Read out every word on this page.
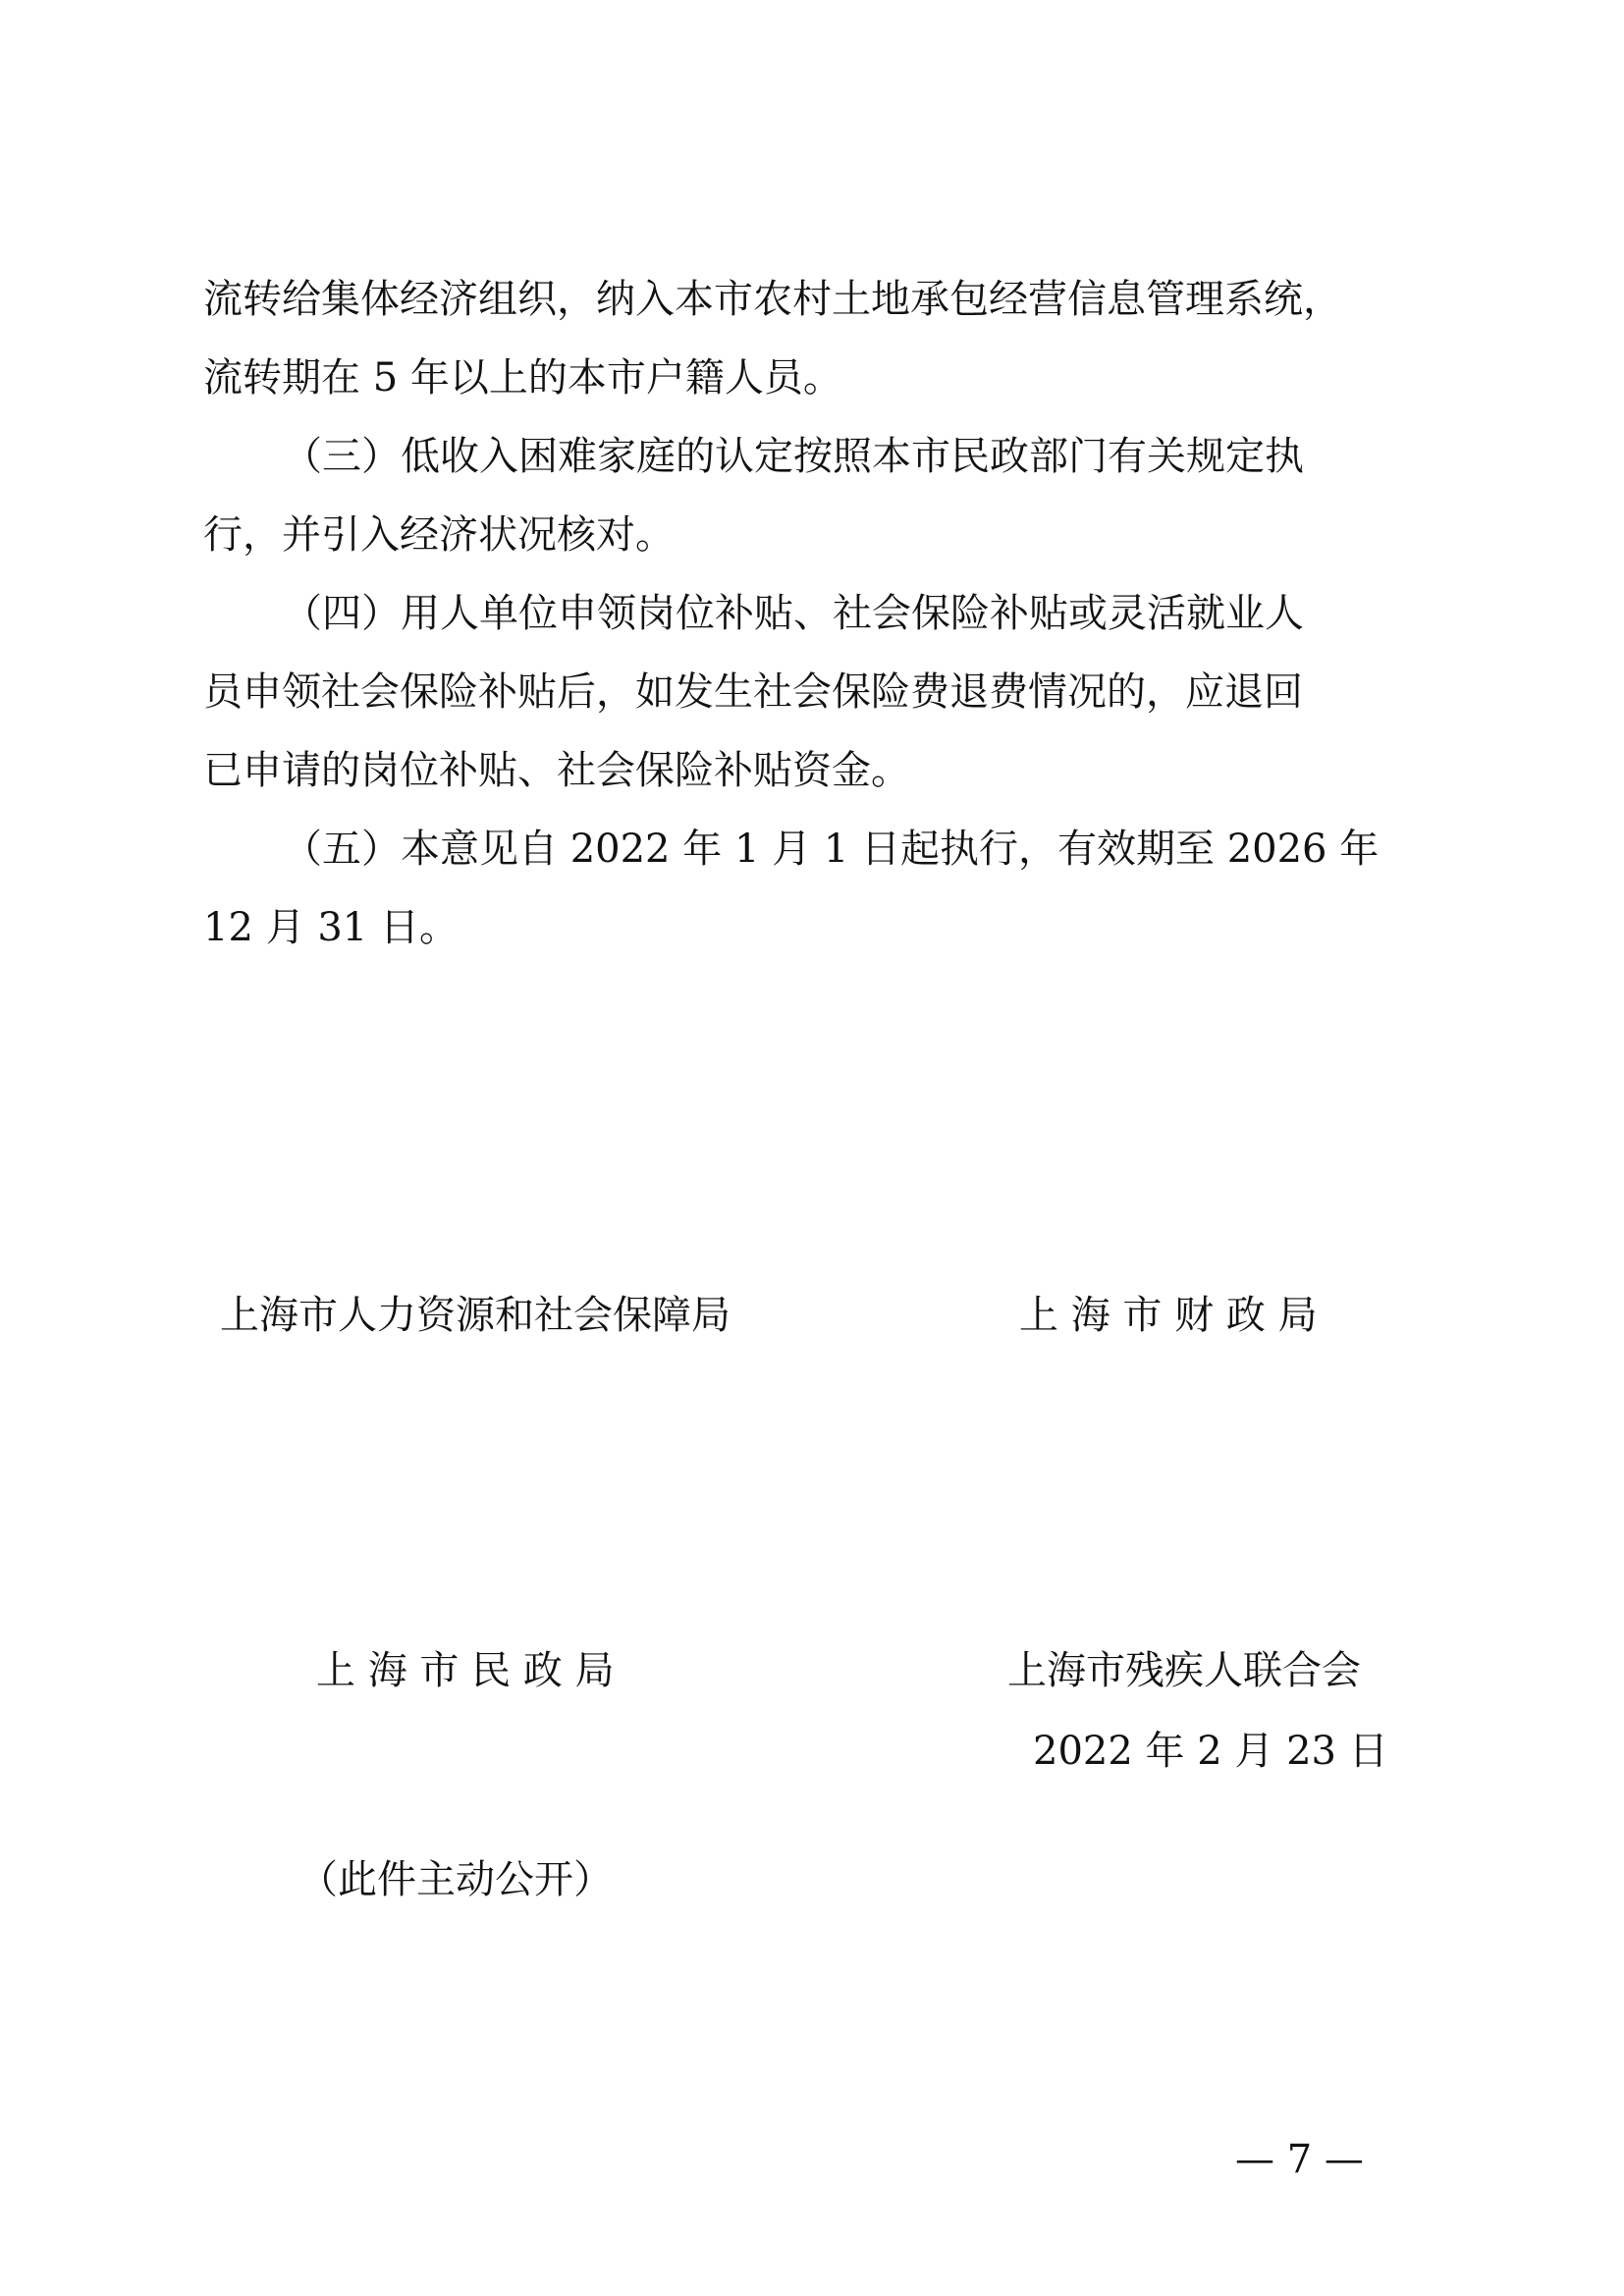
流转给集体经济组织，纳入本市农村土地承包经营信息管理系统，

流转期在 5 年以上的本市户籍人员。

（三）低收入困难家庭的认定按照本市民政部门有关规定执

行，并引入经济状况核对。

（四）用人单位申领岗位补贴、社会保险补贴或灵活就业人

员申领社会保险补贴后，如发生社会保险费退费情况的，应退回

已申请的岗位补贴、社会保险补贴资金。

（五）本意见自 2022 年 1 月 1 日起执行，有效期至 2026 年

12 月 31 日。

上海市人力资源和社会保障局	上 海 市 财 政 局

上 海 市 民 政 局	上海市残疾人联合会

2022 年 2 月 23 日

（此件主动公开）

— 7 —
